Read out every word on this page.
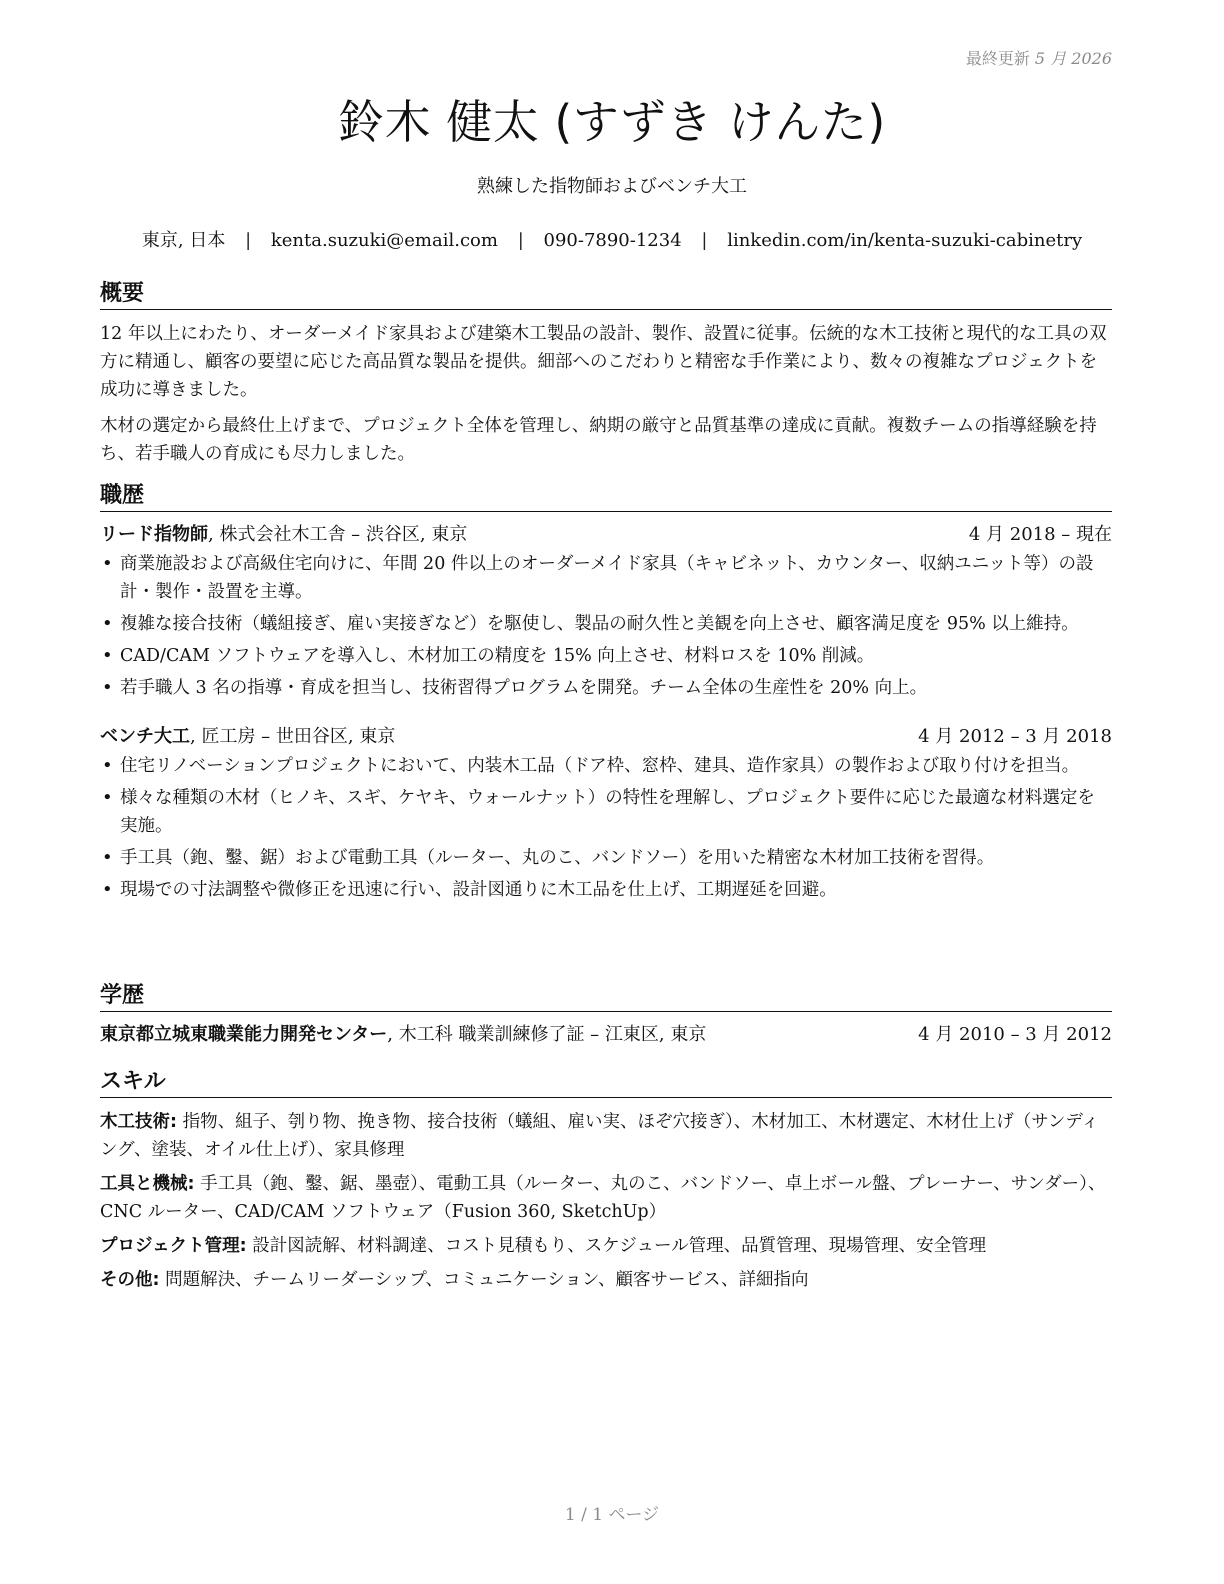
最終更新 5 月 2026
鈴木 健太 (すずき けんた)
熟練した指物師およびベンチ大工
東京, 日本 | kenta.suzuki@email.com | 090-7890-1234 | linkedin.com/in/kenta-suzuki-cabinetry
概要

12 年以上にわたり、オーダーメイド家具および建築木工製品の設計、製作、設置に従事。伝統的な木工技術と現代的な工具の双方に精通し、顧客の要望に応じた高品質な製品を提供。細部へのこだわりと精密な手作業により、数々の複雑なプロジェクトを成功に導きました。

木材の選定から最終仕上げまで、プロジェクト全体を管理し、納期の厳守と品質基準の達成に貢献。複数チームの指導経験を持ち、若手職人の育成にも尽力しました。

職歴
リード指物師, 株式会社木工舎 – 渋谷区, 東京	4 月 2018 – 現在
• 商業施設および高級住宅向けに、年間 20 件以上のオーダーメイド家具（キャビネット、カウンター、収納ユニット等）の設計・製作・設置を主導。
• 複雑な接合技術（蟻組接ぎ、雇い実接ぎなど）を駆使し、製品の耐久性と美観を向上させ、顧客満足度を 95% 以上維持。
• CAD/CAM ソフトウェアを導入し、木材加工の精度を 15% 向上させ、材料ロスを 10% 削減。
• 若手職人 3 名の指導・育成を担当し、技術習得プログラムを開発。チーム全体の生産性を 20% 向上。
ベンチ大工, 匠工房 – 世田谷区, 東京	4 月 2012 – 3 月 2018
• 住宅リノベーションプロジェクトにおいて、内装木工品（ドア枠、窓枠、建具、造作家具）の製作および取り付けを担当。
• 様々な種類の木材（ヒノキ、スギ、ケヤキ、ウォールナット）の特性を理解し、プロジェクト要件に応じた最適な材料選定を実施。
• 手工具（鉋、鑿、鋸）および電動工具（ルーター、丸のこ、バンドソー）を用いた精密な木材加工技術を習得。
• 現場での寸法調整や微修正を迅速に行い、設計図通りに木工品を仕上げ、工期遅延を回避。
学歴
東京都立城東職業能力開発センター, 木工科 職業訓練修了証 – 江東区, 東京	4 月 2010 – 3 月 2012
スキル

木工技術: 指物、組子、刳り物、挽き物、接合技術（蟻組、雇い実、ほぞ穴接ぎ）、木材加工、木材選定、木材仕上げ（サンディング、塗装、オイル仕上げ）、家具修理

工具と機械: 手工具（鉋、鑿、鋸、墨壺）、電動工具（ルーター、丸のこ、バンドソー、卓上ボール盤、プレーナー、サンダー）、CNC ルーター、CAD/CAM ソフトウェア（Fusion 360, SketchUp）

プロジェクト管理: 設計図読解、材料調達、コスト見積もり、スケジュール管理、品質管理、現場管理、安全管理

その他: 問題解決、チームリーダーシップ、コミュニケーション、顧客サービス、詳細指向

1 / 1 ページ
